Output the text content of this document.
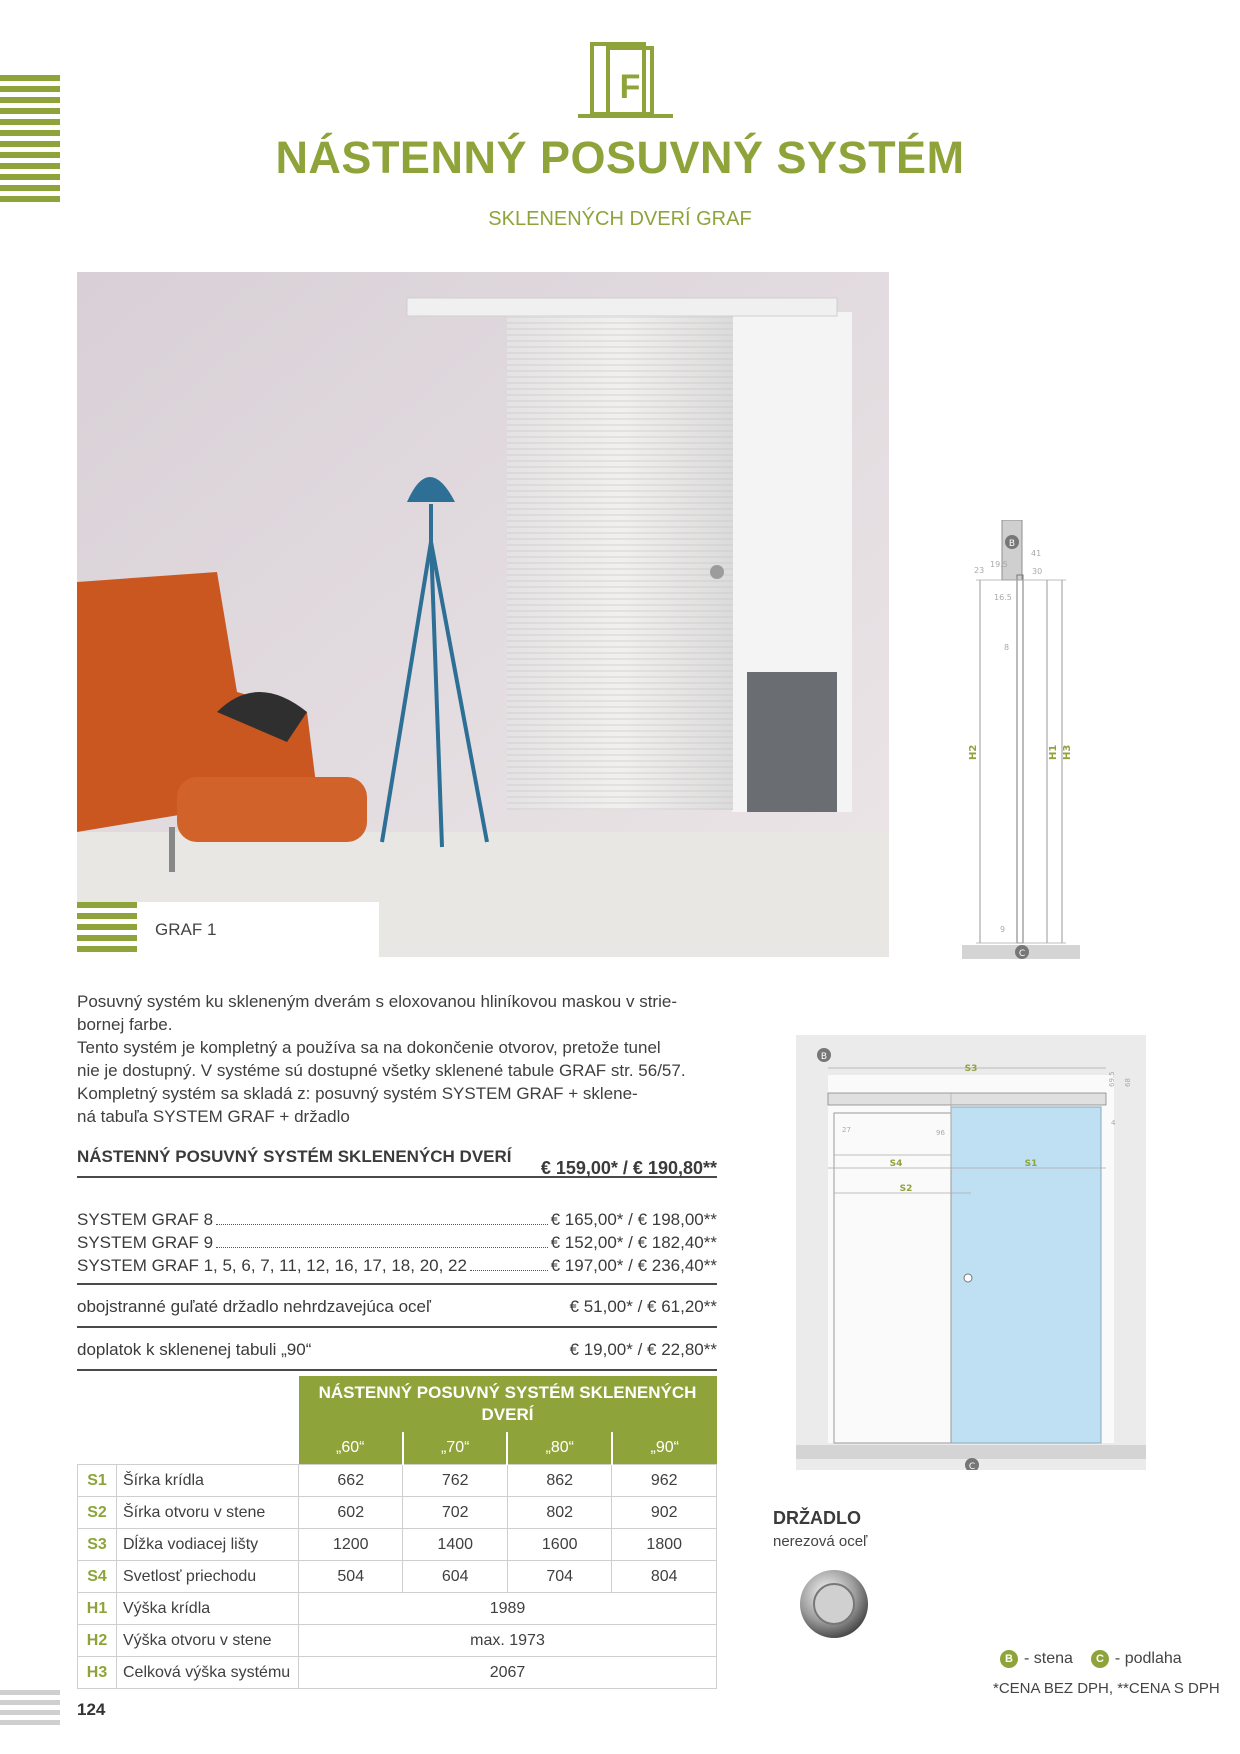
F
NÁSTENNÝ POSUVNÝ SYSTÉM
SKLENENÝCH DVERÍ GRAF
GRAF 1
B
C
41
19.5
23	30
16.5
8
9
H2	H1 H3
Posuvný systém ku skleneným dverám s eloxovanou hliníkovou maskou v strie-
bornej farbe.
Tento systém je kompletný a používa sa na dokončenie otvorov, pretože tunel
nie je dostupný. V systéme sú dostupné všetky sklenené tabule GRAF str. 56/57.
Kompletný systém sa skladá z: posuvný systém SYSTEM GRAF + sklene-
ná tabuľa SYSTEM GRAF + držadlo
NÁSTENNÝ POSUVNÝ SYSTÉM SKLENENÝCH DVERÍ
€ 159,00* / € 190,80**
SYSTEM GRAF 8	€ 165,00* / € 198,00**
SYSTEM GRAF 9	€ 152,00* / € 182,40**
SYSTEM GRAF 1, 5, 6, 7, 11, 12, 16, 17, 18, 20, 22	€ 197,00* / € 236,40**
obojstranné guľaté držadlo nehrdzavejúca oceľ	€ 51,00* / € 61,20**
doplatok k sklenenej tabuli „90“	€ 19,00* / € 22,80**
		NÁSTENNÝ POSUVNÝ SYSTÉM SKLENENÝCH DVERÍ			
		„60“	„70“	„80“	„90“
S1	Šírka krídla	662	762	862	962
S2	Šírka otvoru v stene	602	702	802	902
S3	Dĺžka vodiacej lišty	1200	1400	1600	1800
S4	Svetlosť priechodu	504	604	704	804
H1	Výška krídla	1989			
H2	Výška otvoru v stene	max. 1973			
H3	Celková výška systému	2067			
B
C
S3
S1
S4
S2
69.5 68
27	96
4
DRŽADLO
nerezová oceľ
B - stena	C - podlaha
*CENA BEZ DPH, **CENA S DPH
124
